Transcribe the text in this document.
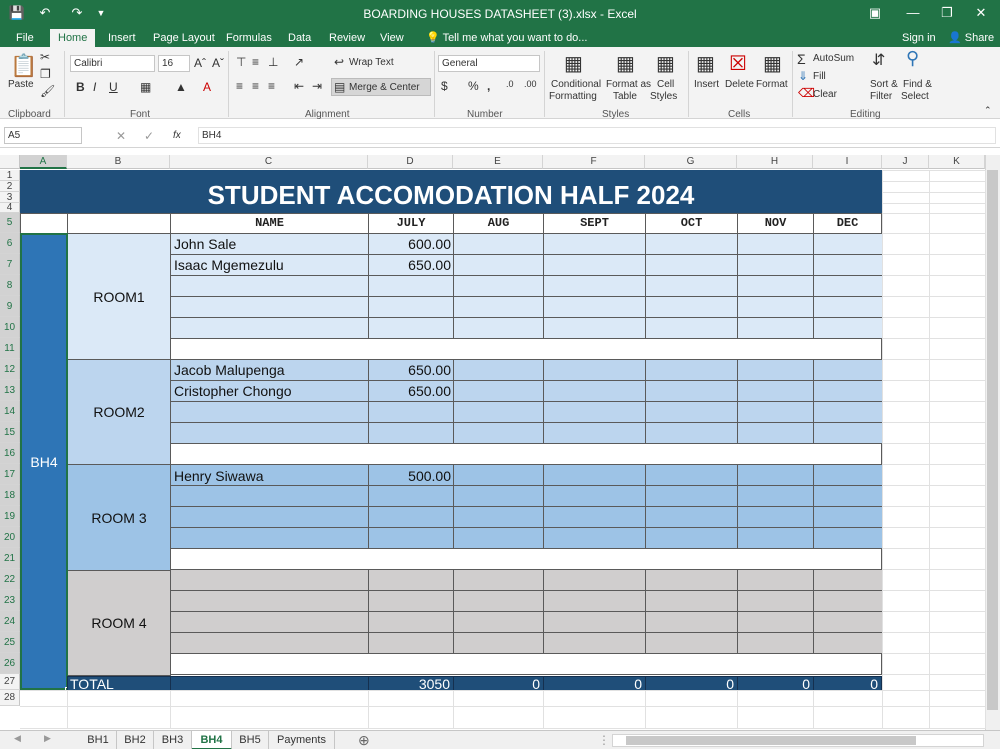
💾 ↶ ↷	▼	BOARDING HOUSES DATASHEET (3).xlsx - Excel	▣	—	❐	✕
File	Home	Insert	Page Layout	Formulas	Data	Review	View	💡 Tell me what you want to do...	Sign in	👤 Share
📋
Paste
✂
❐
🖌
Clipboard
Calibri	16	Aˆ Aˇ
B I U ▦ ▲ A
Font
⊤ ≡ ⊥ ↗
≡ ≡ ≡ ⇤ ⇥
↩ Wrap Text
▤ Merge & Center
Alignment
General
$ % , .0 .00
Number
▦
Conditional
Formatting
▦
Format as
Table
▦
Cell
Styles
Styles
▦
Insert
☒
Delete
▦
Format
Cells
Σ AutoSum
⇓ Fill
⌫
Clear
⇵
Sort &
Filter
⚲
Find &
Select
Editing	⌃
A5	✕ ✓ fx	BH4
STUDENT ACCOMODATION HALF 2024
NAME	JULY	AUG	SEPT	OCT	NOV	DEC
ROOM1
ROOM2
ROOM 3
ROOM 4
John Sale	600.00
Isaac Mgemezulu	650.00
Jacob Malupenga	650.00
Cristopher Chongo	650.00
Henry Siwawa	500.00
BH4
TOTAL	3050	0	0	0	0	0
◀	▶	BH1	BH2	BH3	BH4	BH5	Payments	⊕	⋮
A	B	C	D	E	F	G	H	I	J	K
1
2
3
4
5
6
7
8
9
10
11
12
13
14
15
16
17
18
19
20
21
22
23
24
25
26
27
28
